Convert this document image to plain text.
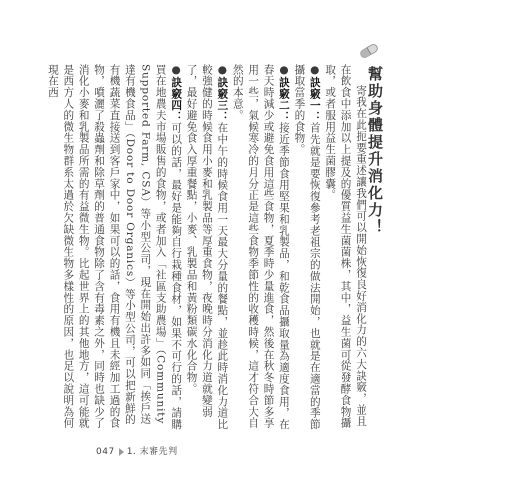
幫助身體提升消化力！

寄我在此扼要重述讓我們可以開始恢復良好消化力的六大訣竅，並且在飲食中添加以上提及的優質益生菌菌株，其中，益生菌可從發酵食物攝取，或者服用益生菌膠囊。

●訣竅一：首先就是要恢復參考老祖宗的做法開始，也就是在適當的季節攝取當季的食物。

●訣竅二：接近季節食用堅果和乳製品，和乾食品攝取量為適度食用，在春天時減少或避免食用這些食物，夏季時少量進食，然後在秋冬時節多享用一些，氣候寒冷的月分正是這些食物季節性的收穫時候，這才符合大自然的本意。

●訣竅三：在中午的時候食用一天最大分量的餐點，並趁此時消化力道比較強健的時候食用小麥和乳製品等厚重食物，夜晚時分消化力道就變弱了，最好避免食入厚重餐點，小麥、乳製品和黃粉類碳水化合物。

●訣竅四：可以的話，最好是能夠自行栽種食材，如果不可行的話，請購買在地農夫市場販售的食物，或者加入「社區支助農場」（Community Supported Farm, CSA）等小型公司，現在開始出許多如同「挨戶送達有機食品」（Door to Door Organics）等小型公司，可以把新鮮的有機蔬菜直接送到客戶家中，如果可以的話，食用有機且未經加工過的食物，噴灑了殺蟲劑和除草劑的普通食物除了含有毒素之外，同時也缺少了消化小麥和乳製品所需的有益微生物。比起世界上的其他地方，這可能就是西方人的微生物群系太過於欠缺微生物多樣性的原因，也足以說明為何現在西

047 1. 末審先判
